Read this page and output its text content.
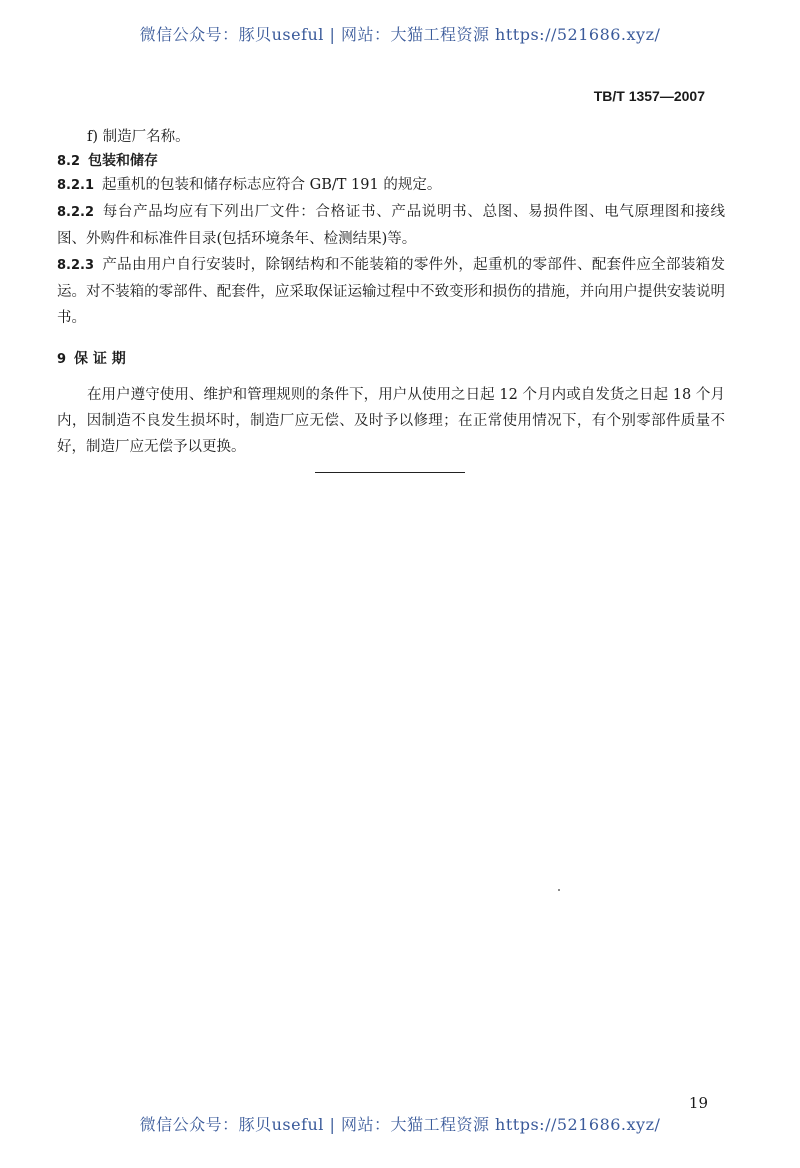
微信公众号：豚贝useful | 网站：大猫工程资源 https://521686.xyz/
TB/T 1357—2007
f) 制造厂名称。
8.2 包装和储存
8.2.1 起重机的包装和储存标志应符合 GB/T 191 的规定。
8.2.2 每台产品均应有下列出厂文件：合格证书、产品说明书、总图、易损件图、电气原理图和接线图、外购件和标准件目录(包括环境条年、检测结果)等。
8.2.3 产品由用户自行安装时，除钢结构和不能装箱的零件外，起重机的零部件、配套件应全部装箱发运。对不装箱的零部件、配套件，应采取保证运输过程中不致变形和损伤的措施，并向用户提供安装说明书。
9 保 证 期
在用户遵守使用、维护和管理规则的条件下，用户从使用之日起 12 个月内或自发货之日起 18 个月内，因制造不良发生损坏时，制造厂应无偿、及时予以修理；在正常使用情况下，有个别零部件质量不好，制造厂应无偿予以更换。
19
微信公众号：豚贝useful | 网站：大猫工程资源 https://521686.xyz/
